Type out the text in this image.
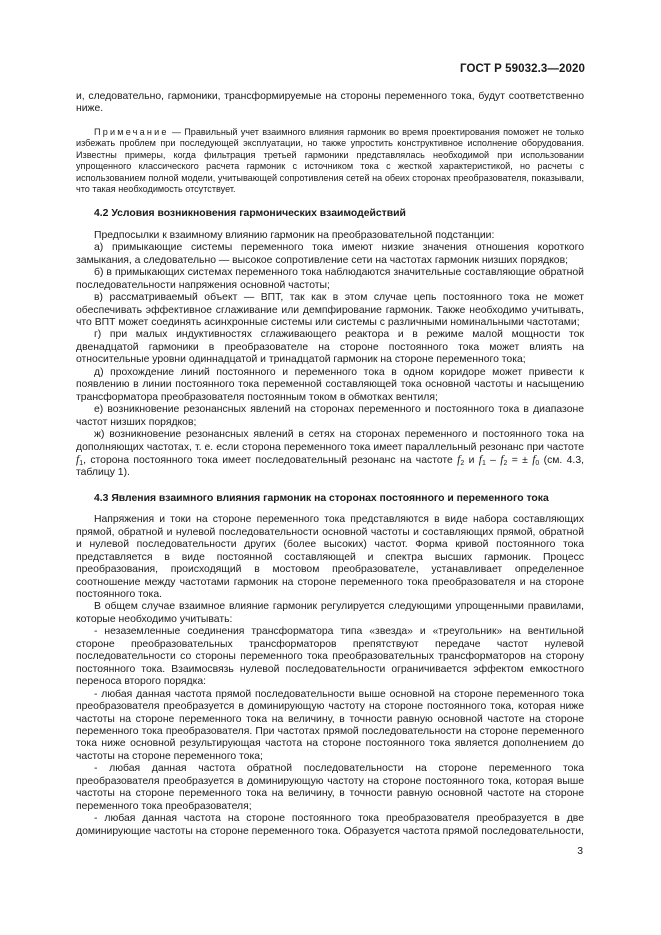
ГОСТ Р 59032.3—2020

и, следовательно, гармоники, трансформируемые на стороны переменного тока, будут соответственно ниже.

Примечание — Правильный учет взаимного влияния гармоник во время проектирования поможет не только избежать проблем при последующей эксплуатации, но также упростить конструктивное исполнение оборудования. Известны примеры, когда фильтрация третьей гармоники представлялась необходимой при использовании упрощенного классического расчета гармоник с источником тока с жесткой характеристикой, но расчеты с использованием полной модели, учитывающей сопротивления сетей на обеих сторонах преобразователя, показывали, что такая необходимость отсутствует.

4.2 Условия возникновения гармонических взаимодействий

Предпосылки к взаимному влиянию гармоник на преобразовательной подстанции:

а) примыкающие системы переменного тока имеют низкие значения отношения короткого замыкания, а следовательно — высокое сопротивление сети на частотах гармоник низших порядков;

б) в примыкающих системах переменного тока наблюдаются значительные составляющие обратной последовательности напряжения основной частоты;

в) рассматриваемый объект — ВПТ, так как в этом случае цепь постоянного тока не может обеспечивать эффективное сглаживание или демпфирование гармоник. Также необходимо учитывать, что ВПТ может соединять асинхронные системы или системы с различными номинальными частотами;

г) при малых индуктивностях сглаживающего реактора и в режиме малой мощности ток двенадцатой гармоники в преобразователе на стороне постоянного тока может влиять на относительные уровни одиннадцатой и тринадцатой гармоник на стороне переменного тока;

д) прохождение линий постоянного и переменного тока в одном коридоре может привести к появлению в линии постоянного тока переменной составляющей тока основной частоты и насыщению трансформатора преобразователя постоянным током в обмотках вентиля;

е) возникновение резонансных явлений на сторонах переменного и постоянного тока в диапазоне частот низших порядков;

ж) возникновение резонансных явлений в сетях на сторонах переменного и постоянного тока на дополняющих частотах, т. е. если сторона переменного тока имеет параллельный резонанс при частоте $f_1$, сторона постоянного тока имеет последовательный резонанс на частоте $f_2$ и $f_1 - f_2$ = ± $f_0$ (см. 4.3, таблицу 1).

4.3 Явления взаимного влияния гармоник на сторонах постоянного и переменного тока

Напряжения и токи на стороне переменного тока представляются в виде набора составляющих прямой, обратной и нулевой последовательности основной частоты и составляющих прямой, обратной и нулевой последовательности других (более высоких) частот. Форма кривой постоянного тока представляется в виде постоянной составляющей и спектра высших гармоник. Процесс преобразования, происходящий в мостовом преобразователе, устанавливает определенное соотношение между частотами гармоник на стороне переменного тока преобразователя и на стороне постоянного тока.

В общем случае взаимное влияние гармоник регулируется следующими упрощенными правилами, которые необходимо учитывать:

- незаземленные соединения трансформатора типа «звезда» и «треугольник» на вентильной стороне преобразовательных трансформаторов препятствуют передаче частот нулевой последовательности со стороны переменного тока преобразовательных трансформаторов на сторону постоянного тока. Взаимосвязь нулевой последовательности ограничивается эффектом емкостного переноса второго порядка:

- любая данная частота прямой последовательности выше основной на стороне переменного тока преобразователя преобразуется в доминирующую частоту на стороне постоянного тока, которая ниже частоты на стороне переменного тока на величину, в точности равную основной частоте на стороне переменного тока преобразователя. При частотах прямой последовательности на стороне переменного тока ниже основной результирующая частота на стороне постоянного тока является дополнением до частоты на стороне переменного тока;

- любая данная частота обратной последовательности на стороне переменного тока преобразователя преобразуется в доминирующую частоту на стороне постоянного тока, которая выше частоты на стороне переменного тока на величину, в точности равную основной частоте на стороне переменного тока преобразователя;

- любая данная частота на стороне постоянного тока преобразователя преобразуется в две доминирующие частоты на стороне переменного тока. Образуется частота прямой последовательности,

3
